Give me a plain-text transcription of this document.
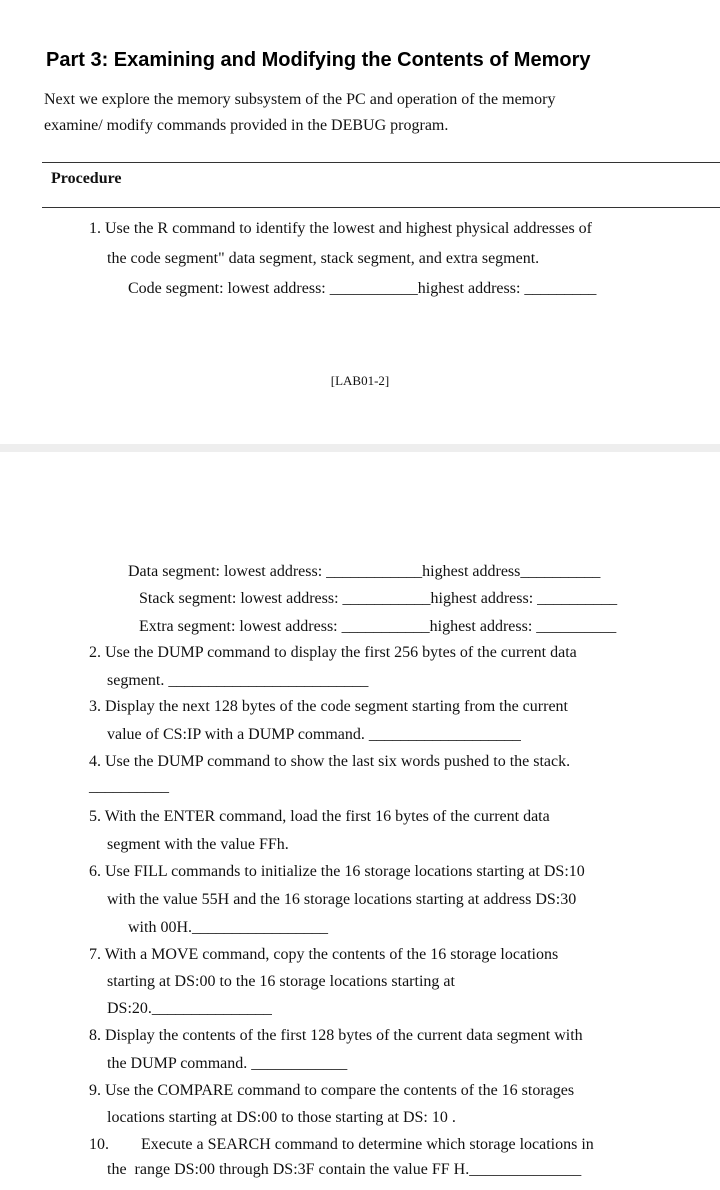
Part 3: Examining and Modifying the Contents of Memory
Next we explore the memory subsystem of the PC and operation of the memory
examine/ modify commands provided in the DEBUG program.
Procedure
1. Use the R command to identify the lowest and highest physical addresses of
the code segment" data segment, stack segment, and extra segment.
Code segment: lowest address: ___________highest address: _________
[LAB01-2]
Data segment: lowest address: ____________highest address__________
Stack segment: lowest address: ___________highest address: __________
Extra segment: lowest address: ___________highest address: __________
2. Use the DUMP command to display the first 256 bytes of the current data
segment. _________________________
3. Display the next 128 bytes of the code segment starting from the current
value of CS:IP with a DUMP command. ___________________
4. Use the DUMP command to show the last six words pushed to the stack.
__________
5. With the ENTER command, load the first 16 bytes of the current data
segment with the value FFh.
6. Use FILL commands to initialize the 16 storage locations starting at DS:10
with the value 55H and the 16 storage locations starting at address DS:30
with 00H._________________
7. With a MOVE command, copy the contents of the 16 storage locations
starting at DS:00 to the 16 storage locations starting at
DS:20._______________
8. Display the contents of the first 128 bytes of the current data segment with
the DUMP command. ____________
9. Use the COMPARE command to compare the contents of the 16 storages
locations starting at DS:00 to those starting at DS: 10 .
10.        Execute a SEARCH command to determine which storage locations in
the  range DS:00 through DS:3F contain the value FF H.______________
